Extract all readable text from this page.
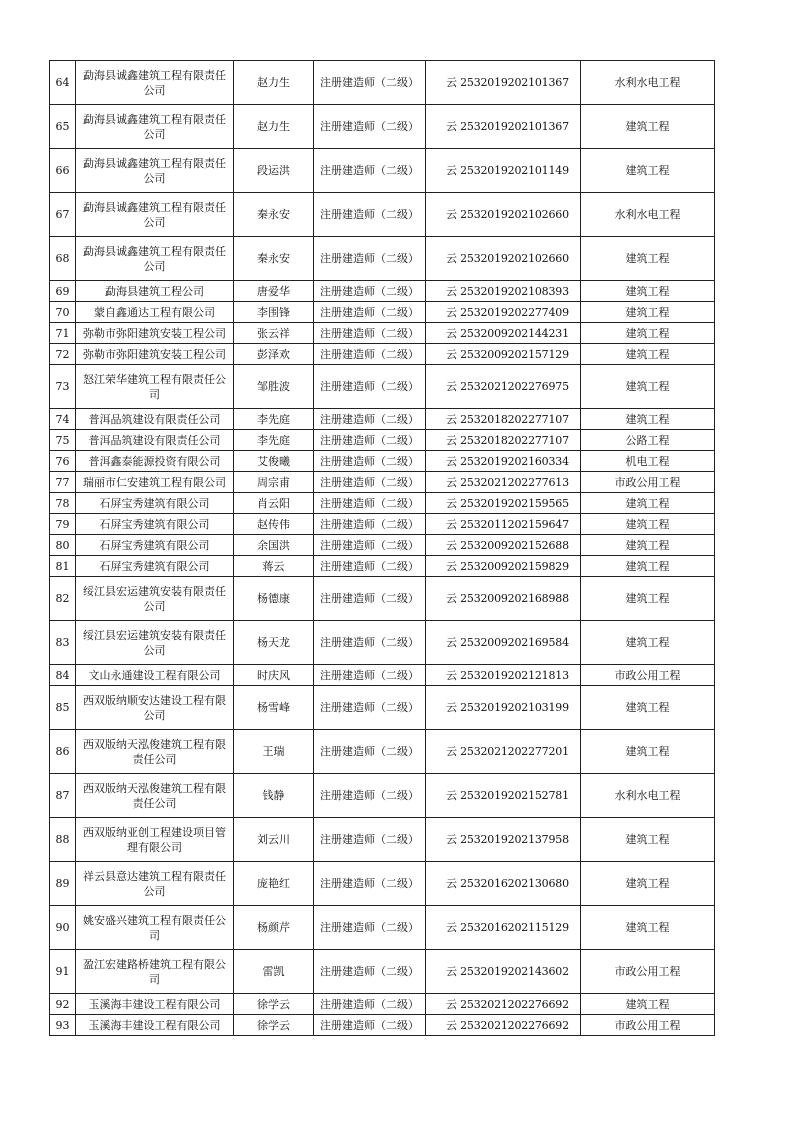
64	勐海县诚鑫建筑工程有限责任公司	赵力生	注册建造师（二级）	云 2532019202101367	水利水电工程
65	勐海县诚鑫建筑工程有限责任公司	赵力生	注册建造师（二级）	云 2532019202101367	建筑工程
66	勐海县诚鑫建筑工程有限责任公司	段运洪	注册建造师（二级）	云 2532019202101149	建筑工程
67	勐海县诚鑫建筑工程有限责任公司	秦永安	注册建造师（二级）	云 2532019202102660	水利水电工程
68	勐海县诚鑫建筑工程有限责任公司	秦永安	注册建造师（二级）	云 2532019202102660	建筑工程
69	勐海县建筑工程公司	唐爱华	注册建造师（二级）	云 2532019202108393	建筑工程
70	蒙自鑫通达工程有限公司	李围锋	注册建造师（二级）	云 2532019202277409	建筑工程
71	弥勒市弥阳建筑安装工程公司	张云祥	注册建造师（二级）	云 2532009202144231	建筑工程
72	弥勒市弥阳建筑安装工程公司	彭泽欢	注册建造师（二级）	云 2532009202157129	建筑工程
73	怒江荣华建筑工程有限责任公司	邹胜波	注册建造师（二级）	云 2532021202276975	建筑工程
74	普洱品筑建设有限责任公司	李先庭	注册建造师（二级）	云 2532018202277107	建筑工程
75	普洱品筑建设有限责任公司	李先庭	注册建造师（二级）	云 2532018202277107	公路工程
76	普洱鑫泰能源投资有限公司	艾俊曦	注册建造师（二级）	云 2532019202160334	机电工程
77	瑞丽市仁安建筑工程有限公司	周宗甫	注册建造师（二级）	云 2532021202277613	市政公用工程
78	石屏宝秀建筑有限公司	肖云阳	注册建造师（二级）	云 2532019202159565	建筑工程
79	石屏宝秀建筑有限公司	赵传伟	注册建造师（二级）	云 2532011202159647	建筑工程
80	石屏宝秀建筑有限公司	余国洪	注册建造师（二级）	云 2532009202152688	建筑工程
81	石屏宝秀建筑有限公司	蒋云	注册建造师（二级）	云 2532009202159829	建筑工程
82	绥江县宏运建筑安装有限责任公司	杨德康	注册建造师（二级）	云 2532009202168988	建筑工程
83	绥江县宏运建筑安装有限责任公司	杨天龙	注册建造师（二级）	云 2532009202169584	建筑工程
84	文山永通建设工程有限公司	时庆风	注册建造师（二级）	云 2532019202121813	市政公用工程
85	西双版纳顺安达建设工程有限公司	杨雪峰	注册建造师（二级）	云 2532019202103199	建筑工程
86	西双版纳天泓俊建筑工程有限责任公司	王瑞	注册建造师（二级）	云 2532021202277201	建筑工程
87	西双版纳天泓俊建筑工程有限责任公司	钱静	注册建造师（二级）	云 2532019202152781	水利水电工程
88	西双版纳亚创工程建设项目管理有限公司	刘云川	注册建造师（二级）	云 2532019202137958	建筑工程
89	祥云县意达建筑工程有限责任公司	庞艳红	注册建造师（二级）	云 2532016202130680	建筑工程
90	姚安盛兴建筑工程有限责任公司	杨颜芹	注册建造师（二级）	云 2532016202115129	建筑工程
91	盈江宏建路桥建筑工程有限公司	雷凯	注册建造师（二级）	云 2532019202143602	市政公用工程
92	玉溪海丰建设工程有限公司	徐学云	注册建造师（二级）	云 2532021202276692	建筑工程
93	玉溪海丰建设工程有限公司	徐学云	注册建造师（二级）	云 2532021202276692	市政公用工程
